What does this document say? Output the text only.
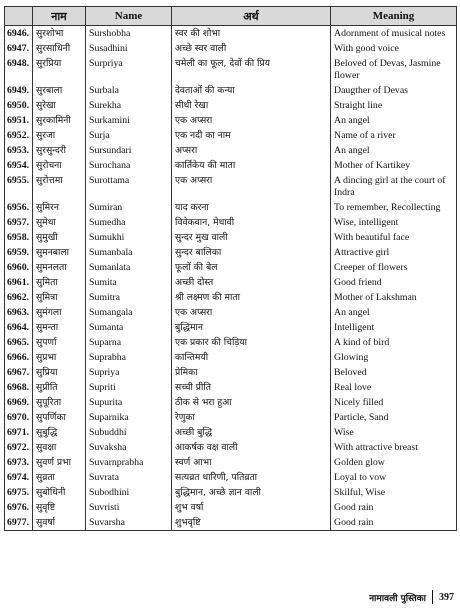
	नाम	Name	अर्थ	Meaning
6946.	सुरशोभा	Surshobha	स्वर की शोभा	Adornment of musical notes
6947.	सुरसाधिनी	Susadhini	अच्छे स्वर वाली	With good voice
6948.	सुरप्रिया	Surpriya	चमेली का फूल, देवों की प्रिय	Beloved of Devas, Jasmine flower
6949.	सुरबाला	Surbala	देवताओं की कन्या	Daugther of Devas
6950.	सुरेखा	Surekha	सीधी रेखा	Straight line
6951.	सुरकामिनी	Surkamini	एक अप्सरा	An angel
6952.	सुरजा	Surja	एक नदी का नाम	Name of a river
6953.	सुरसुन्दरी	Sursundari	अप्सरा	An angel
6954.	सुरोचना	Surochana	कार्तिकेय की माता	Mother of Kartikey
6955.	सुरोत्तमा	Surottama	एक अप्सरा	A dincing girl at the court of Indra
6956.	सुमिरन	Sumiran	याद करना	To remember, Recollecting
6957.	सुमेधा	Sumedha	विवेकवान, मेधावी	Wise, intelligent
6958.	सुमुखी	Sumukhi	सुन्दर मुख वाली	With beautiful face
6959.	सुमनबाला	Sumanbala	सुन्दर बालिका	Attractive girl
6960.	सुमनलता	Sumanlata	फूलों की बेल	Creeper of flowers
6961.	सुमिता	Sumita	अच्छी दोस्त	Good friend
6962.	सुमित्रा	Sumitra	श्री लक्ष्मण की माता	Mother of Lakshman
6963.	सुमंगला	Sumangala	एक अप्सरा	An angel
6964.	सुमन्ता	Sumanta	बुद्धिमान	Intelligent
6965.	सुपर्णा	Suparna	एक प्रकार की चिड़िया	A kind of bird
6966.	सुप्रभा	Suprabha	कान्तिमयी	Glowing
6967.	सुप्रिया	Supriya	प्रेमिका	Beloved
6968.	सुप्रीति	Supriti	सच्ची प्रीति	Real love
6969.	सुपूरिता	Supurita	ठीक से भरा हुआ	Nicely filled
6970.	सुपर्णिका	Suparnika	रेणुका	Particle, Sand
6971.	सुबुद्धि	Subuddhi	अच्छी बुद्धि	Wise
6972.	सुवक्षा	Suvaksha	आकर्षक वक्ष वाली	With attractive breast
6973.	सुवर्ण प्रभा	Suvarnprabha	स्वर्ण आभा	Golden glow
6974.	सुव्रता	Suvrata	सत्यव्रत धारिणी, पतिव्रता	Loyal to vow
6975.	सुबोधिनी	Subodhini	बुद्धिमान, अच्छे ज्ञान वाली	Skilful, Wise
6976.	सुवृष्टि	Suvristi	शुभ वर्षा	Good rain
6977.	सुवर्षा	Suvarsha	शुभवृष्टि	Good rain
नामावली पुस्तिका 397
